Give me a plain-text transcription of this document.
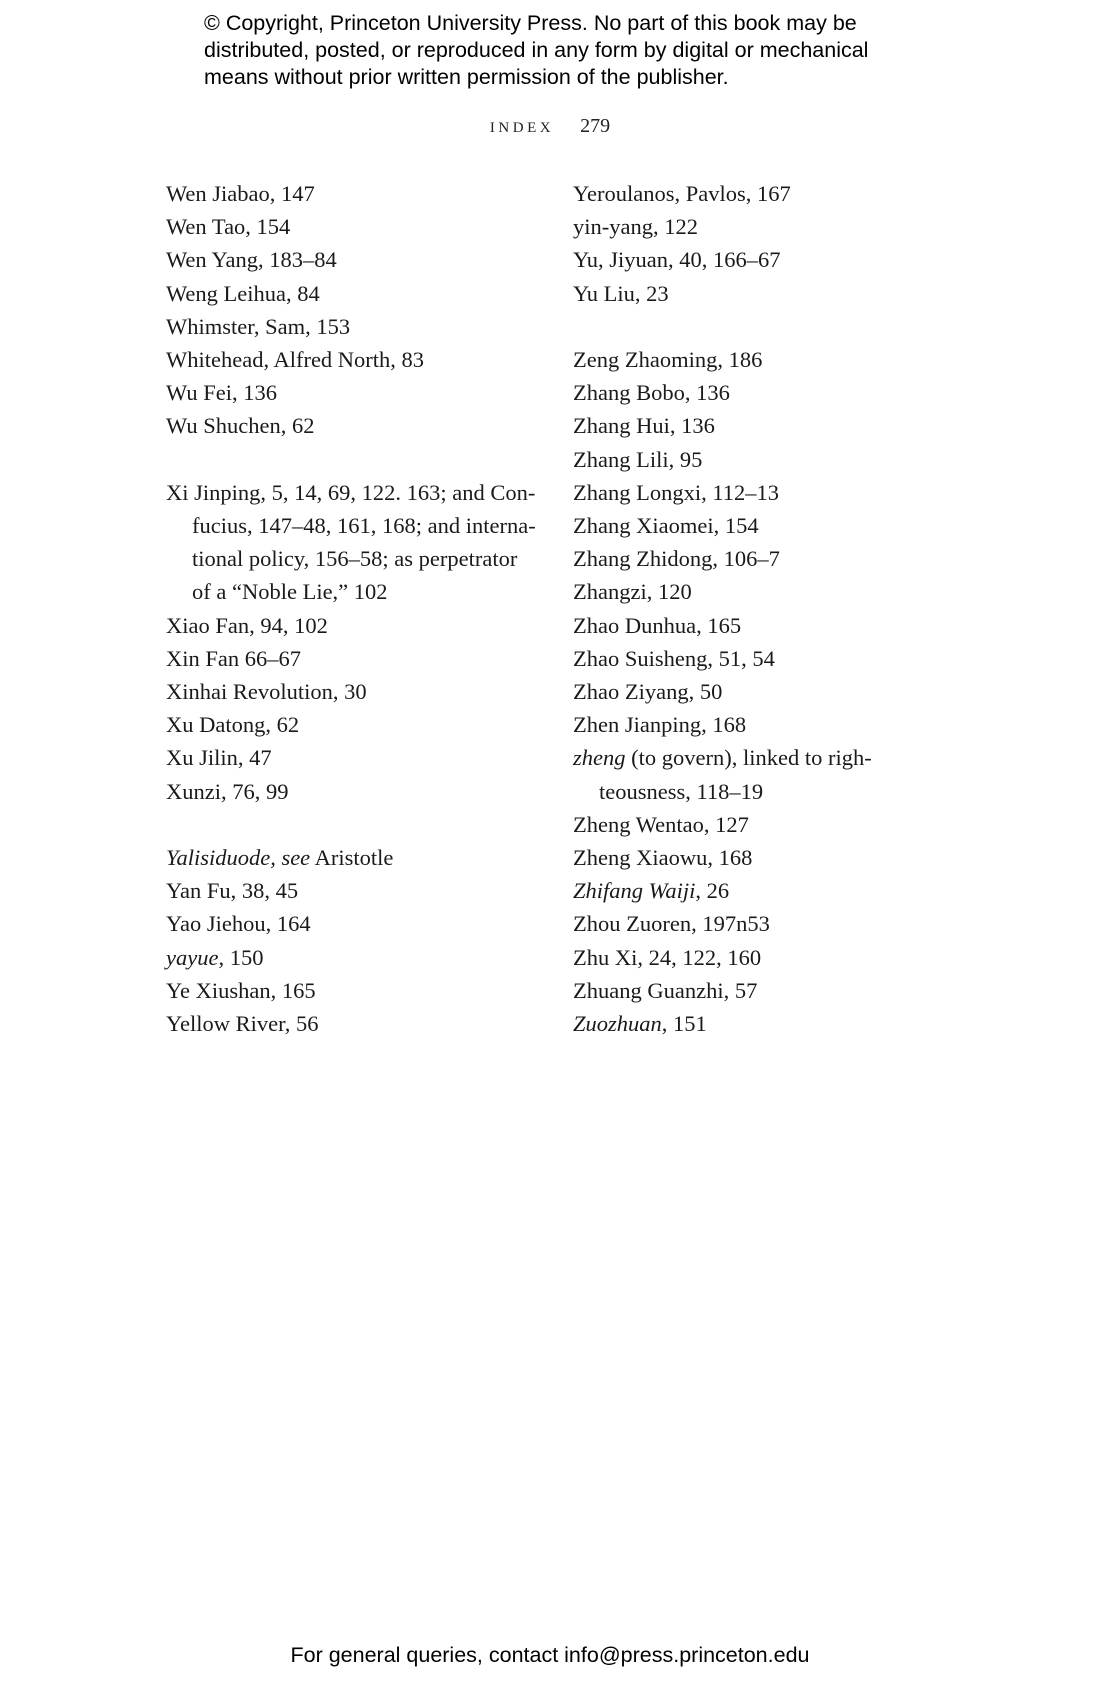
© Copyright, Princeton University Press. No part of this book may be
distributed, posted, or reproduced in any form by digital or mechanical
means without prior written permission of the publisher.
INDEX 279
Wen Jiabao, 147
Wen Tao, 154
Wen Yang, 183–84
Weng Leihua, 84
Whimster, Sam, 153
Whitehead, Alfred North, 83
Wu Fei, 136
Wu Shuchen, 62
Xi Jinping, 5, 14, 69, 122. 163; and Con-
fucius, 147–48, 161, 168; and interna-
tional policy, 156–58; as perpetrator
of a “Noble Lie,” 102
Xiao Fan, 94, 102
Xin Fan 66–67
Xinhai Revolution, 30
Xu Datong, 62
Xu Jilin, 47
Xunzi, 76, 99
Yalisiduode, see Aristotle
Yan Fu, 38, 45
Yao Jiehou, 164
yayue, 150
Ye Xiushan, 165
Yellow River, 56
Yeroulanos, Pavlos, 167
yin-yang, 122
Yu, Jiyuan, 40, 166–67
Yu Liu, 23
Zeng Zhaoming, 186
Zhang Bobo, 136
Zhang Hui, 136
Zhang Lili, 95
Zhang Longxi, 112–13
Zhang Xiaomei, 154
Zhang Zhidong, 106–7
Zhangzi, 120
Zhao Dunhua, 165
Zhao Suisheng, 51, 54
Zhao Ziyang, 50
Zhen Jianping, 168
zheng (to govern), linked to righ-
teousness, 118–19
Zheng Wentao, 127
Zheng Xiaowu, 168
Zhifang Waiji, 26
Zhou Zuoren, 197n53
Zhu Xi, 24, 122, 160
Zhuang Guanzhi, 57
Zuozhuan, 151
For general queries, contact info@press.princeton.edu
